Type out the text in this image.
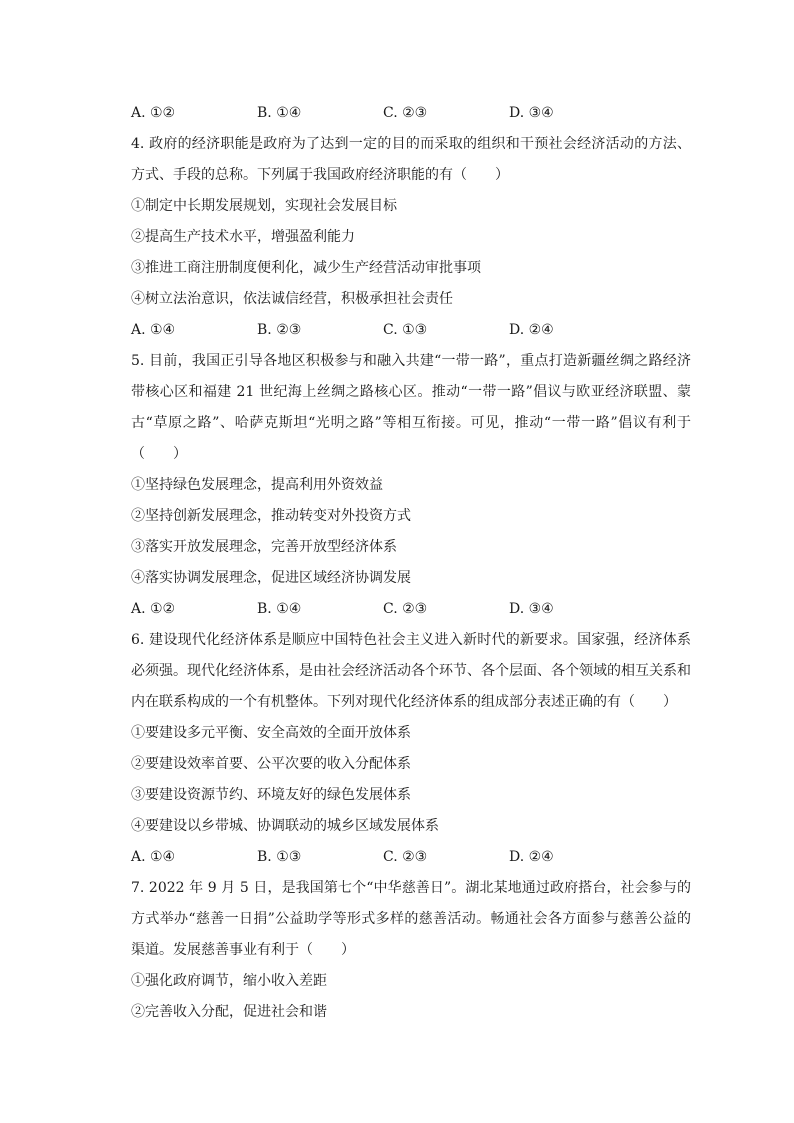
A. ①②	B. ①④	C. ②③	D. ③④
4. 政府的经济职能是政府为了达到一定的目的而采取的组织和干预社会经济活动的方法、方式、手段的总称。下列属于我国政府经济职能的有（　　）
①制定中长期发展规划，实现社会发展目标
②提高生产技术水平，增强盈利能力
③推进工商注册制度便利化，减少生产经营活动审批事项
④树立法治意识，依法诚信经营，积极承担社会责任
A. ①④	B. ②③	C. ①③	D. ②④
5. 目前，我国正引导各地区积极参与和融入共建“一带一路”，重点打造新疆丝绸之路经济带核心区和福建 21 世纪海上丝绸之路核心区。推动“一带一路”倡议与欧亚经济联盟、蒙古“草原之路”、哈萨克斯坦“光明之路”等相互衔接。可见，推动“一带一路”倡议有利于（　　）
①坚持绿色发展理念，提高利用外资效益
②坚持创新发展理念，推动转变对外投资方式
③落实开放发展理念，完善开放型经济体系
④落实协调发展理念，促进区域经济协调发展
A. ①②	B. ①④	C. ②③	D. ③④
6. 建设现代化经济体系是顺应中国特色社会主义进入新时代的新要求。国家强，经济体系必须强。现代化经济体系，是由社会经济活动各个环节、各个层面、各个领域的相互关系和内在联系构成的一个有机整体。下列对现代化经济体系的组成部分表述正确的有（　　）
①要建设多元平衡、安全高效的全面开放体系
②要建设效率首要、公平次要的收入分配体系
③要建设资源节约、环境友好的绿色发展体系
④要建设以乡带城、协调联动的城乡区域发展体系
A. ①④	B. ①③	C. ②③	D. ②④
7. 2022 年 9 月 5 日，是我国第七个“中华慈善日”。湖北某地通过政府搭台，社会参与的方式举办“慈善一日捐”公益助学等形式多样的慈善活动。畅通社会各方面参与慈善公益的渠道。发展慈善事业有利于（　　）
①强化政府调节，缩小收入差距
②完善收入分配，促进社会和谐
